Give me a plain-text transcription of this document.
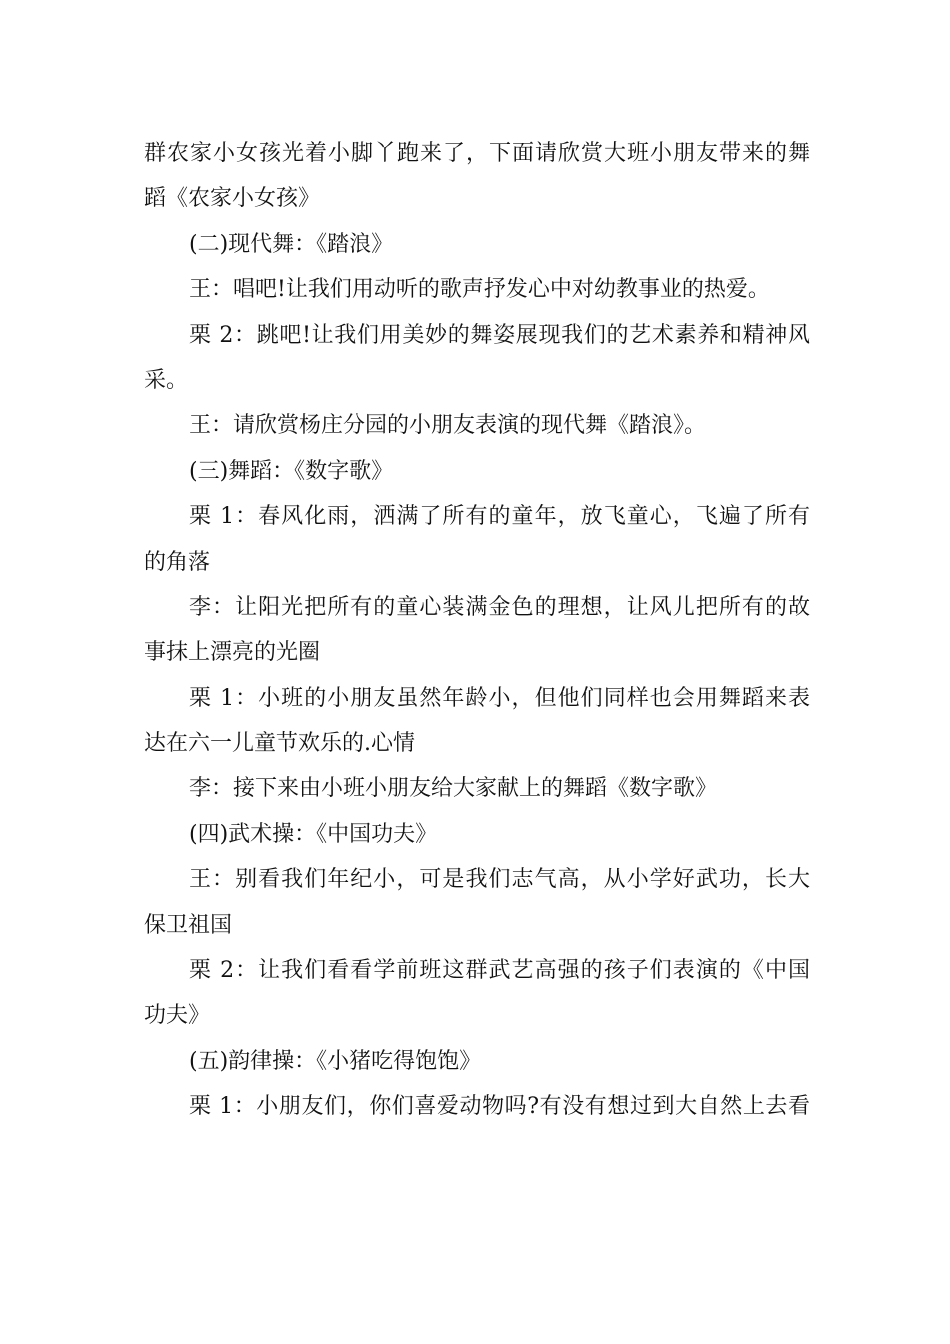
群农家小女孩光着小脚丫跑来了，下面请欣赏大班小朋友带来的舞
蹈《农家小女孩》
(二)现代舞：《踏浪》
王：唱吧!让我们用动听的歌声抒发心中对幼教事业的热爱。
栗 2：跳吧!让我们用美妙的舞姿展现我们的艺术素养和精神风
采。
王：请欣赏杨庄分园的小朋友表演的现代舞《踏浪》。
(三)舞蹈：《数字歌》
栗 1：春风化雨，洒满了所有的童年，放飞童心，飞遍了所有
的角落
李：让阳光把所有的童心装满金色的理想，让风儿把所有的故
事抹上漂亮的光圈
栗 1：小班的小朋友虽然年龄小，但他们同样也会用舞蹈来表
达在六一儿童节欢乐的.心情
李：接下来由小班小朋友给大家献上的舞蹈《数字歌》
(四)武术操：《中国功夫》
王：别看我们年纪小，可是我们志气高，从小学好武功，长大
保卫祖国
栗 2：让我们看看学前班这群武艺高强的孩子们表演的《中国
功夫》
(五)韵律操：《小猪吃得饱饱》
栗 1：小朋友们，你们喜爱动物吗?有没有想过到大自然上去看
